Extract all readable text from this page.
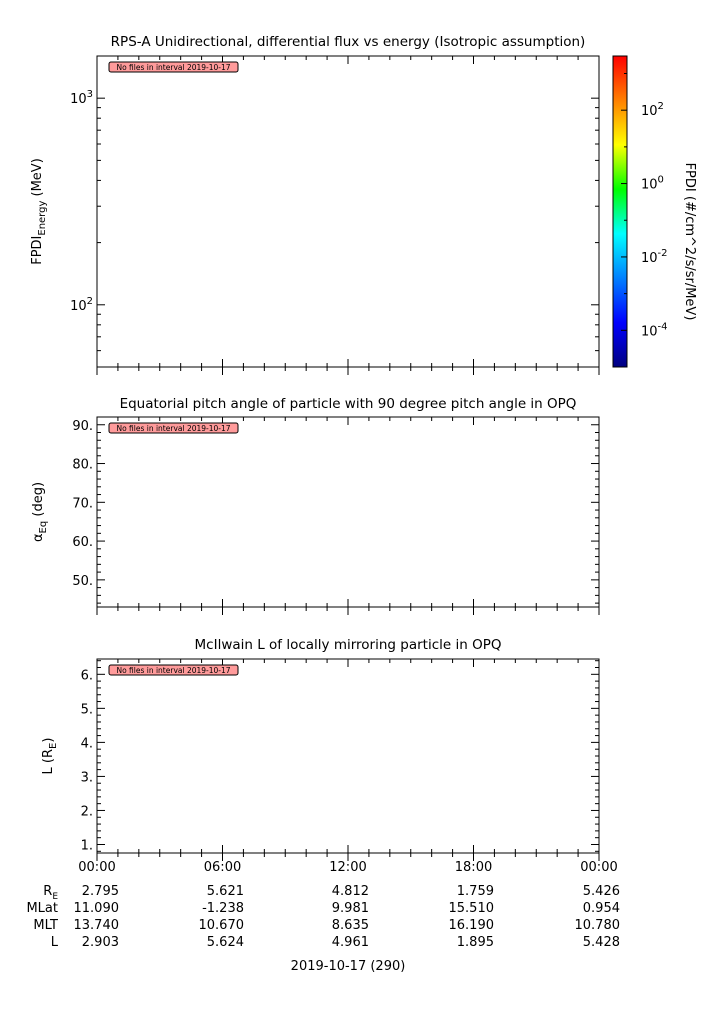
RPS-A Unidirectional, differential flux vs energy (Isotropic assumption)
$10^2$
$10^3$
$FPDI_{Energy}$ (MeV)
No files in interval 2019-10-17
$10^2$
$10^0$
$10^{-2}$
$10^{-4}$
FPDI (#/cm^2/s/sr/MeV)
Equatorial pitch angle of particle with 90 degree pitch angle in OPQ
50.
60.
70.
80.
90.
$\alpha_{Eq}$ (deg)
No files in interval 2019-10-17
McIlwain L of locally mirroring particle in OPQ
1.
2.
3.
4.
5.
6.
L $(R_E)$
No files in interval 2019-10-17
00:00	06:00	12:00	18:00	00:00
$R_E$ 2.795	5.621	4.812	1.759	5.426
MLat 11.090	-1.238	9.981	15.510	0.954
MLT 13.740	10.670	8.635	16.190	10.780
L 2.903	5.624	4.961	1.895	5.428
2019-10-17 (290)
